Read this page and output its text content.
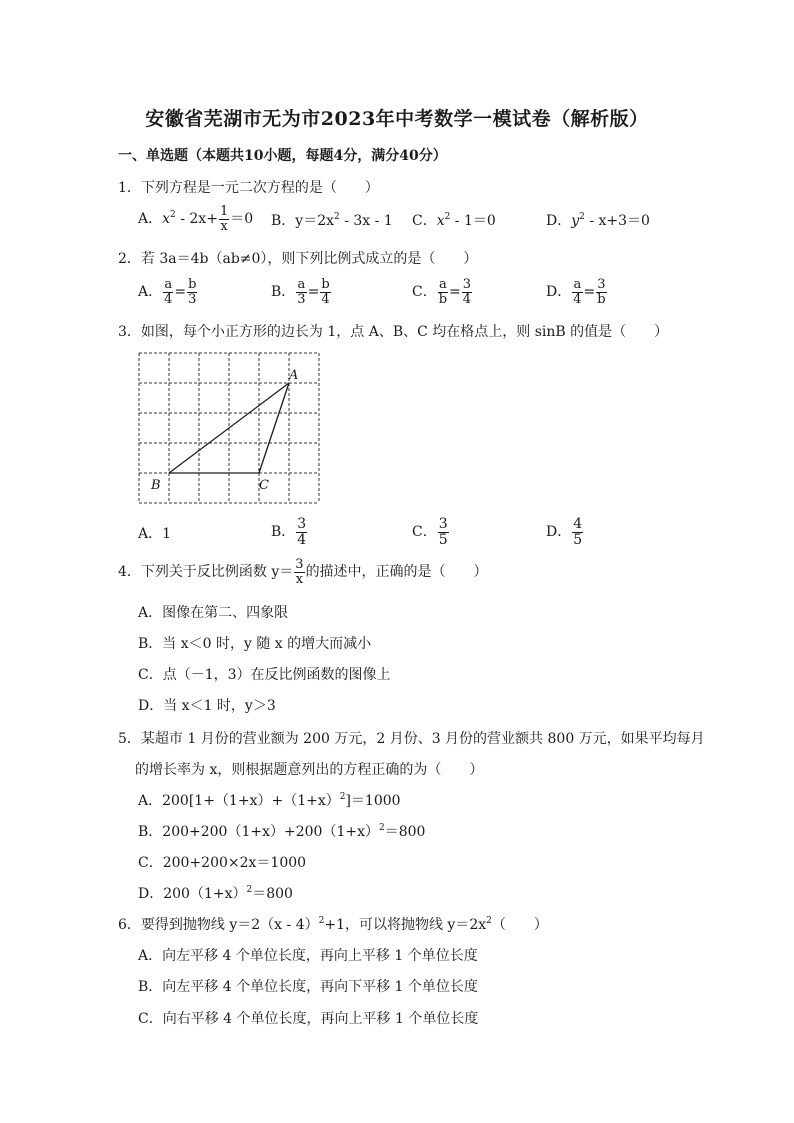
安徽省芜湖市无为市2023年中考数学一模试卷（解析版）
一、单选题（本题共10小题，每题4分，满分40分）
1．下列方程是一元二次方程的是（　　）
A．$x^2 - 2x+ \frac{1}{x} =0$ B．$y=2x^2 - 3x - 1$ C．$x^2 - 1=0$	D．$y^2 - x+3=0$
2．若 3a＝4b（ab≠0），则下列比例式成立的是（　　）
A． $\frac{a}{4} = \frac{b}{3}$	B． $\frac{a}{3} = \frac{b}{4}$	C． $\frac{a}{b} = \frac{3}{4}$	D． $\frac{a}{4} = \frac{3}{b}$
3．如图，每个小正方形的边长为 1，点 A、B、C 均在格点上，则 sinB 的值是（　　）
A
B	C
A．1	B． $\frac{3}{4}$	C． $\frac{3}{5}$	D． $\frac{4}{5}$
4．下列关于反比例函数 $y= \frac{3}{x}$ 的描述中，正确的是（　　）
A．图像在第二、四象限
B．当 x＜0 时，y 随 x 的增大而减小
C．点（－1，3）在反比例函数的图像上
D．当 x＜1 时，y＞3
5．某超市 1 月份的营业额为 200 万元，2 月份、3 月份的营业额共 800 万元，如果平均每月
的增长率为 x，则根据题意列出的方程正确的为（　　）
A．$200[1+(1+x)+(1+x)^2]=1000$
B．$200+200(1+x)+200(1+x)^2=800$
C．200+200×2x＝1000
D．$200(1+x)^2=800$
6．要得到抛物线 y＝2（x - 4）$^2$+1，可以将抛物线 $y=2x^2$（　　）
A．向左平移 4 个单位长度，再向上平移 1 个单位长度
B．向左平移 4 个单位长度，再向下平移 1 个单位长度
C．向右平移 4 个单位长度，再向上平移 1 个单位长度
